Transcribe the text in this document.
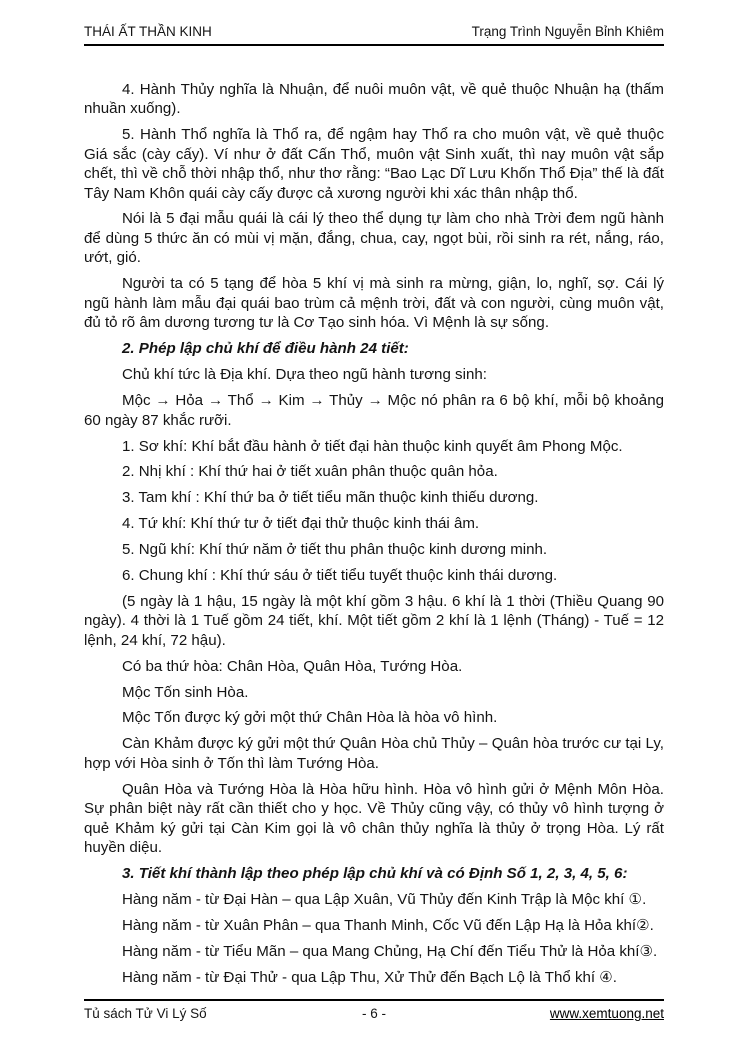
THÁI ẤT THẦN KINH	Trạng Trình Nguyễn Bỉnh Khiêm

4. Hành Thủy nghĩa là Nhuận, để nuôi muôn vật, về quẻ thuộc Nhuận hạ (thấm nhuần xuống).

5. Hành Thổ nghĩa là Thổ ra, để ngậm hay Thổ ra cho muôn vật, về quẻ thuộc Giá sắc (cày cấy). Ví như ở đất Cấn Thổ, muôn vật Sinh xuất, thì nay muôn vật sắp chết, thì về chỗ thời nhập thổ, như thơ rằng: “Bao Lạc Dĩ Lưu Khốn Thổ Địa” thế là đất Tây Nam Khôn quái cày cấy được cả xương người khi xác thân nhập thổ.

Nói là 5 đại mẫu quái là cái lý theo thể dụng tự làm cho nhà Trời đem ngũ hành để dùng 5 thức ăn có mùi vị mặn, đắng, chua, cay, ngọt bùi, rồi sinh ra rét, nắng, ráo, ướt, gió.

Người ta có 5 tạng để hòa 5 khí vị mà sinh ra mừng, giận, lo, nghĩ, sợ. Cái lý ngũ hành làm mẫu đại quái bao trùm cả mệnh trời, đất và con người, cùng muôn vật, đủ tỏ rõ âm dương tương tư là Cơ Tạo sinh hóa. Vì Mệnh là sự sống.

2. Phép lập chủ khí để điều hành 24 tiết:

Chủ khí tức là Địa khí. Dựa theo ngũ hành tương sinh:

Mộc → Hỏa → Thổ → Kim → Thủy → Mộc nó phân ra 6 bộ khí, mỗi bộ khoảng 60 ngày 87 khắc rưỡi.

1. Sơ khí: Khí bắt đầu hành ở tiết đại hàn thuộc kinh quyết âm Phong Mộc.

2. Nhị khí : Khí thứ hai ở tiết xuân phân thuộc quân hỏa.

3. Tam khí : Khí thứ ba ở tiết tiểu mãn thuộc kinh thiếu dương.

4. Tứ khí: Khí thứ tư ở tiết đại thử thuộc kinh thái âm.

5. Ngũ khí: Khí thứ năm ở tiết thu phân thuộc kinh dương minh.

6. Chung khí : Khí thứ sáu ở tiết tiểu tuyết thuộc kinh thái dương.

(5 ngày là 1 hậu, 15 ngày là một khí gồm 3 hậu. 6 khí là 1 thời (Thiều Quang 90 ngày). 4 thời là 1 Tuế gồm 24 tiết, khí. Một tiết gồm 2 khí là 1 lệnh (Tháng) - Tuế = 12 lệnh, 24 khí, 72 hậu).

Có ba thứ hòa: Chân Hòa, Quân Hòa, Tướng Hòa.

Mộc Tốn sinh Hòa.

Mộc Tốn được ký gởi một thứ Chân Hòa là hòa vô hình.

Càn Khảm được ký gửi một thứ Quân Hòa chủ Thủy – Quân hòa trước cư tại Ly, hợp với Hòa sinh ở Tốn thì làm Tướng Hòa.

Quân Hòa và Tướng Hòa là Hòa hữu hình. Hòa vô hình gửi ở Mệnh Môn Hòa. Sự phân biệt này rất cần thiết cho y học. Về Thủy cũng vậy, có thủy vô hình tượng ở quẻ Khảm ký gửi tại Càn Kim gọi là vô chân thủy nghĩa là thủy ở trọng Hòa. Lý rất huyền diệu.

3. Tiết khí thành lập theo phép lập chủ khí và có Định Số 1, 2, 3, 4, 5, 6:

Hàng năm - từ Đại Hàn – qua Lập Xuân, Vũ Thủy đến Kinh Trập là Mộc khí ①.

Hàng năm - từ Xuân Phân – qua Thanh Minh, Cốc Vũ đến Lập Hạ là Hỏa khí②.

Hàng năm - từ Tiểu Mãn – qua Mang Chủng, Hạ Chí đến Tiểu Thử là Hỏa khí③.

Hàng năm - từ Đại Thử - qua Lập Thu, Xử Thử đến Bạch Lộ là Thổ khí ④.

Tủ sách Tử Vi Lý Số	- 6 -	www.xemtuong.net
